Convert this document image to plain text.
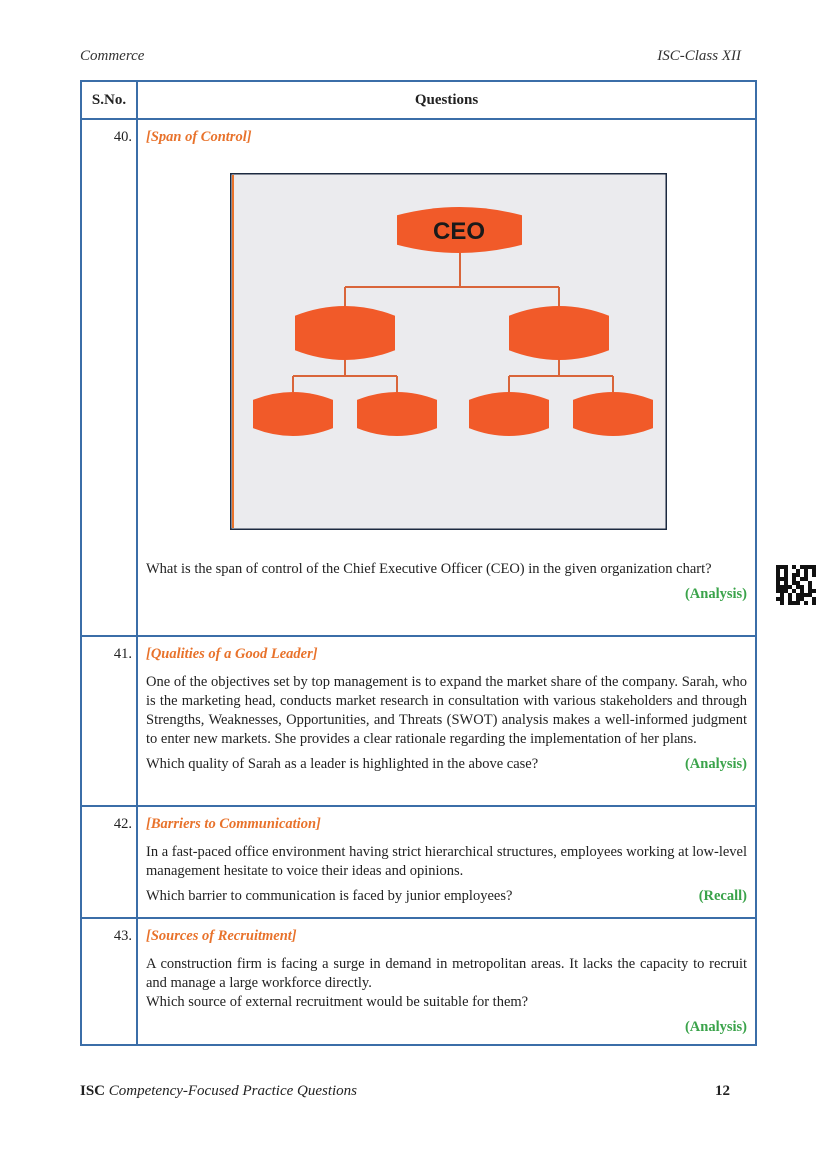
Commerce	ISC-Class XII
S.No.	Questions
40.	[Span of Control]
CEO

What is the span of control of the Chief Executive Officer (CEO) in the given organization chart?

(Analysis)

41.	[Qualities of a Good Leader]

One of the objectives set by top management is to expand the market share of the company. Sarah, who is the marketing head, conducts market research in consultation with various stakeholders and through Strengths, Weaknesses, Opportunities, and Threats (SWOT) analysis makes a well-informed judgment to enter new markets. She provides a clear rationale regarding the implementation of her plans.

(Analysis)
Which quality of Sarah as a leader is highlighted in the above case?

42.	[Barriers to Communication]

In a fast-paced office environment having strict hierarchical structures, employees working at low-level management hesitate to voice their ideas and opinions.

(Recall)
Which barrier to communication is faced by junior employees?

43.	[Sources of Recruitment]

A construction firm is facing a surge in demand in metropolitan areas. It lacks the capacity to recruit and manage a large workforce directly.

Which source of external recruitment would be suitable for them?

(Analysis)
ISC Competency-Focused Practice Questions	12
